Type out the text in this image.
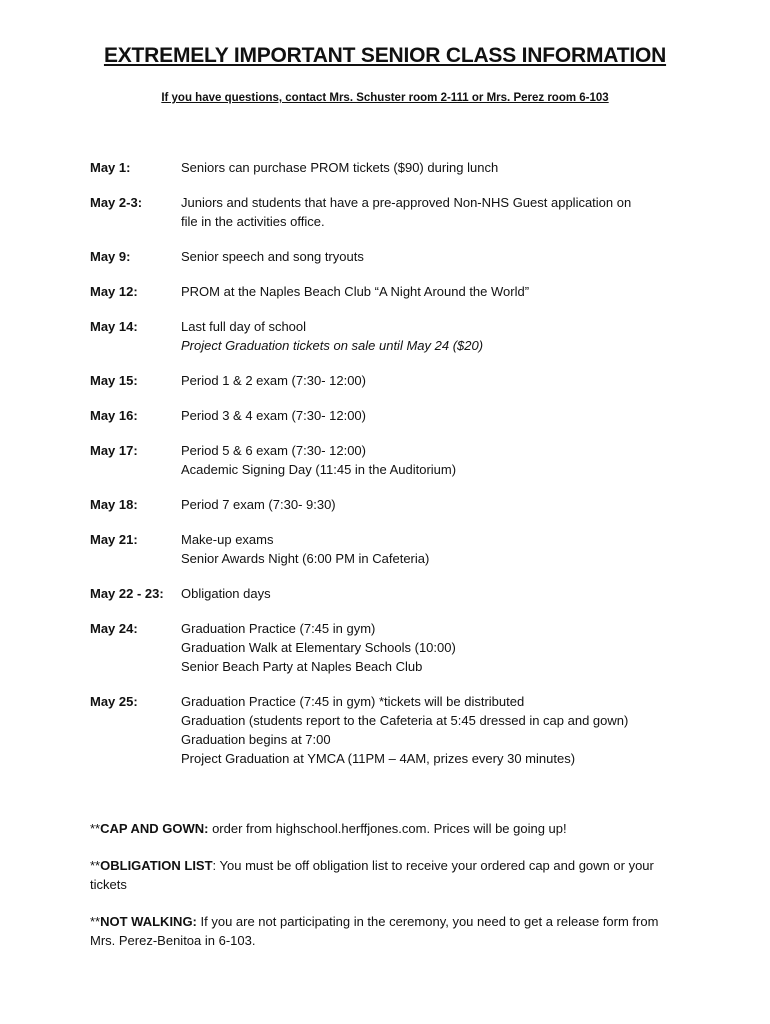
EXTREMELY IMPORTANT SENIOR CLASS INFORMATION
If you have questions, contact Mrs. Schuster room 2-111 or Mrs. Perez room 6-103
May 1:	Seniors can purchase PROM tickets ($90) during lunch
May 2-3:	Juniors and students that have a pre-approved Non-NHS Guest application on
file in the activities office.
May 9:	Senior speech and song tryouts
May 12:	PROM at the Naples Beach Club “A Night Around the World”
May 14:	Last full day of school
Project Graduation tickets on sale until May 24 ($20)
May 15:	Period 1 & 2 exam (7:30- 12:00)
May 16:	Period 3 & 4 exam (7:30- 12:00)
May 17:	Period 5 & 6 exam (7:30- 12:00)
Academic Signing Day (11:45 in the Auditorium)
May 18:	Period 7 exam (7:30- 9:30)
May 21:	Make-up exams
Senior Awards Night (6:00 PM in Cafeteria)
May 22 - 23:	Obligation days
May 24:	Graduation Practice (7:45 in gym)
Graduation Walk at Elementary Schools (10:00)
Senior Beach Party at Naples Beach Club
May 25:	Graduation Practice (7:45 in gym) *tickets will be distributed
Graduation (students report to the Cafeteria at 5:45 dressed in cap and gown)
Graduation begins at 7:00
Project Graduation at YMCA (11PM – 4AM, prizes every 30 minutes)
**CAP AND GOWN: order from highschool.herffjones.com. Prices will be going up!
**OBLIGATION LIST: You must be off obligation list to receive your ordered cap and gown or your tickets
**NOT WALKING: If you are not participating in the ceremony, you need to get a release form from Mrs. Perez-Benitoa in 6-103.
